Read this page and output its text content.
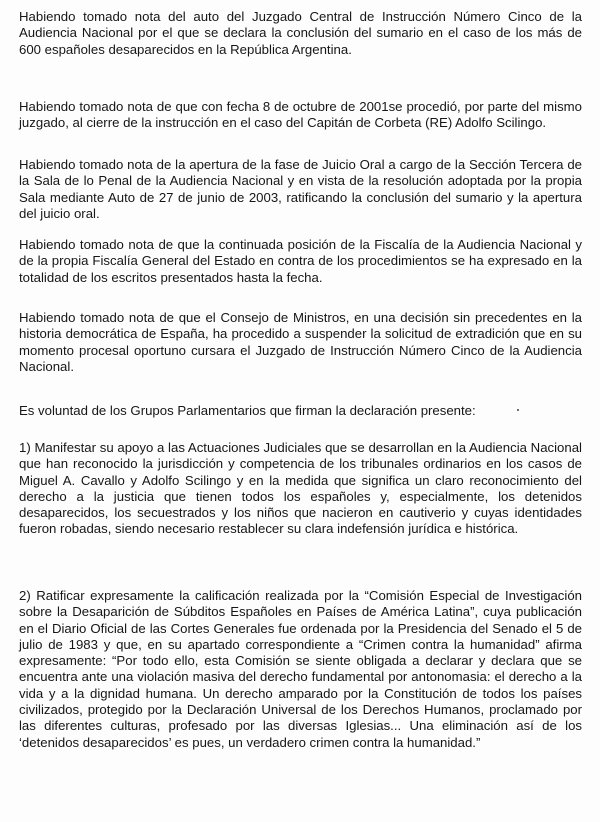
Habiendo tomado nota del auto del Juzgado Central de Instrucción Número Cinco de la Audiencia Nacional por el que se declara la conclusión del sumario en el caso de los más de 600 españoles desaparecidos en la República Argentina.

Habiendo tomado nota de que con fecha 8 de octubre de 2001se procedió, por parte del mismo juzgado, al cierre de la instrucción en el caso del Capitán de Corbeta (RE) Adolfo Scilingo.

Habiendo tomado nota de la apertura de la fase de Juicio Oral a cargo de la Sección Tercera de la Sala de lo Penal de la Audiencia Nacional y en vista de la resolución adoptada por la propia Sala mediante Auto de 27 de junio de 2003, ratificando la conclusión del sumario y la apertura del juicio oral.

Habiendo tomado nota de que la continuada posición de la Fiscalía de la Audiencia Nacional y de la propia Fiscalía General del Estado en contra de los procedimientos se ha expresado en la totalidad de los escritos presentados hasta la fecha.

Habiendo tomado nota de que el Consejo de Ministros, en una decisión sin precedentes en la historia democrática de España, ha procedido a suspender la solicitud de extradición que en su momento procesal oportuno cursara el Juzgado de Instrucción Número Cinco de la Audiencia Nacional.

Es voluntad de los Grupos Parlamentarios que firman la declaración presente:

1) Manifestar su apoyo a las Actuaciones Judiciales que se desarrollan en la Audiencia Nacional que han reconocido la jurisdicción y competencia de los tribunales ordinarios en los casos de Miguel A. Cavallo y Adolfo Scilingo y en la medida que significa un claro reconocimiento del derecho a la justicia que tienen todos los españoles y, especialmente, los detenidos desaparecidos, los secuestrados y los niños que nacieron en cautiverio y cuyas identidades fueron robadas, siendo necesario restablecer su clara indefensión jurídica e histórica.

2) Ratificar expresamente la calificación realizada por la “Comisión Especial de Investigación sobre la Desaparición de Súbditos Españoles en Países de América Latina”, cuya publicación en el Diario Oficial de las Cortes Generales fue ordenada por la Presidencia del Senado el 5 de julio de 1983 y que, en su apartado correspondiente a “Crimen contra la humanidad” afirma expresamente: “Por todo ello, esta Comisión se siente obligada a declarar y declara que se encuentra ante una violación masiva del derecho fundamental por antonomasia: el derecho a la vida y a la dignidad humana. Un derecho amparado por la Constitución de todos los países civilizados, protegido por la Declaración Universal de los Derechos Humanos, proclamado por las diferentes culturas, profesado por las diversas Iglesias... Una eliminación así de los ‘detenidos desaparecidos’ es pues, un verdadero crimen contra la humanidad.”
